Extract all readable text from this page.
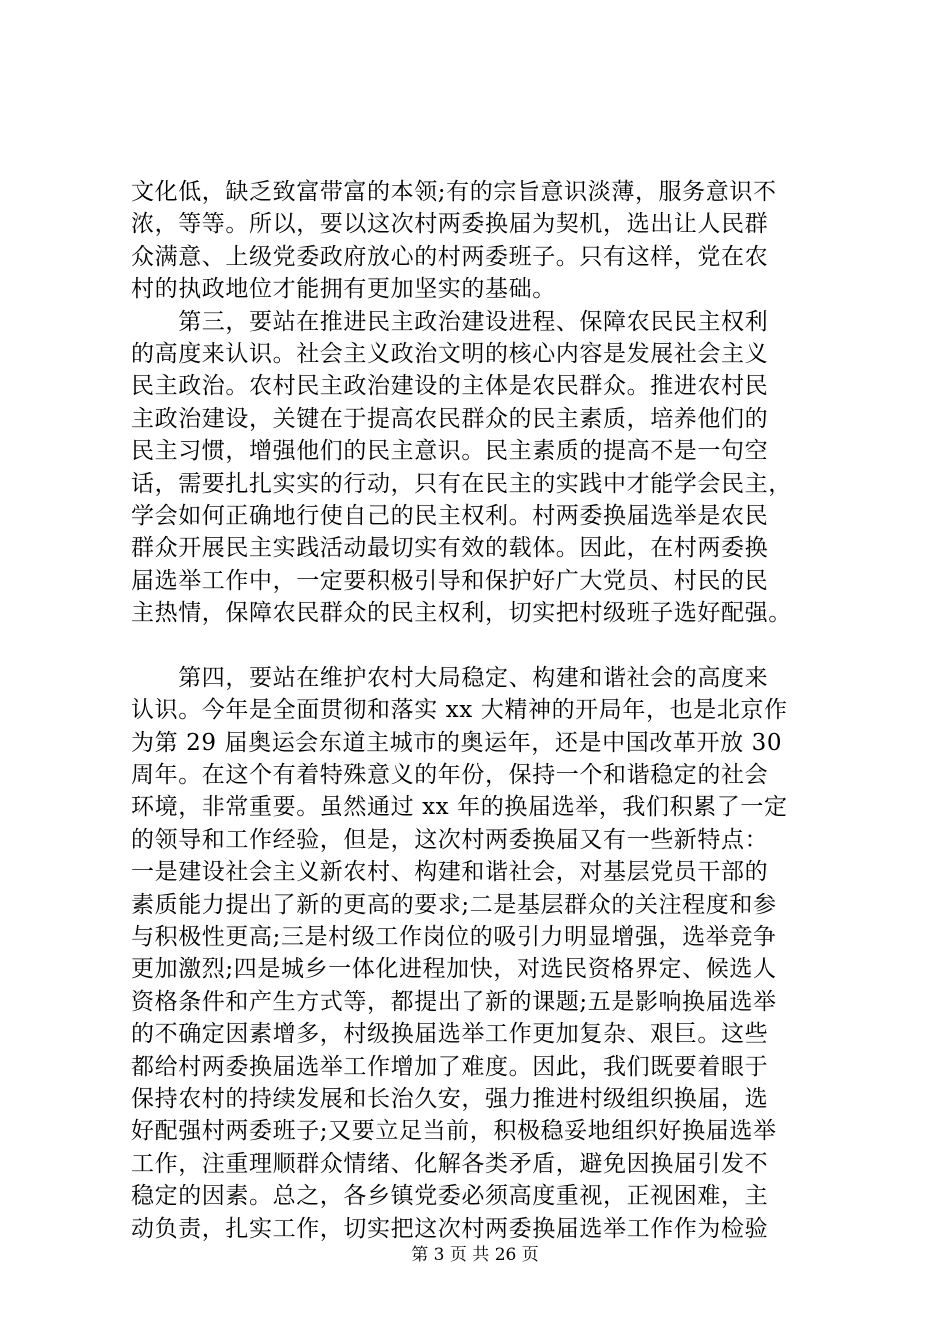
文化低，缺乏致富带富的本领;有的宗旨意识淡薄，服务意识不
浓，等等。所以，要以这次村两委换届为契机，选出让人民群
众满意、上级党委政府放心的村两委班子。只有这样，党在农
村的执政地位才能拥有更加坚实的基础。
　　第三，要站在推进民主政治建设进程、保障农民民主权利
的高度来认识。社会主义政治文明的核心内容是发展社会主义
民主政治。农村民主政治建设的主体是农民群众。推进农村民
主政治建设，关键在于提高农民群众的民主素质，培养他们的
民主习惯，增强他们的民主意识。民主素质的提高不是一句空
话，需要扎扎实实的行动，只有在民主的实践中才能学会民主，
学会如何正确地行使自己的民主权利。村两委换届选举是农民
群众开展民主实践活动最切实有效的载体。因此，在村两委换
届选举工作中，一定要积极引导和保护好广大党员、村民的民
主热情，保障农民群众的民主权利，切实把村级班子选好配强。
　　第四，要站在维护农村大局稳定、构建和谐社会的高度来
认识。今年是全面贯彻和落实 xx 大精神的开局年，也是北京作
为第 29 届奥运会东道主城市的奥运年，还是中国改革开放 30
周年。在这个有着特殊意义的年份，保持一个和谐稳定的社会
环境，非常重要。虽然通过 xx 年的换届选举，我们积累了一定
的领导和工作经验，但是，这次村两委换届又有一些新特点：
一是建设社会主义新农村、构建和谐社会，对基层党员干部的
素质能力提出了新的更高的要求;二是基层群众的关注程度和参
与积极性更高;三是村级工作岗位的吸引力明显增强，选举竞争
更加激烈;四是城乡一体化进程加快，对选民资格界定、候选人
资格条件和产生方式等，都提出了新的课题;五是影响换届选举
的不确定因素增多，村级换届选举工作更加复杂、艰巨。这些
都给村两委换届选举工作增加了难度。因此，我们既要着眼于
保持农村的持续发展和长治久安，强力推进村级组织换届，选
好配强村两委班子;又要立足当前，积极稳妥地组织好换届选举
工作，注重理顺群众情绪、化解各类矛盾，避免因换届引发不
稳定的因素。总之，各乡镇党委必须高度重视，正视困难，主
动负责，扎实工作，切实把这次村两委换届选举工作作为检验
第 3 页 共 26 页
